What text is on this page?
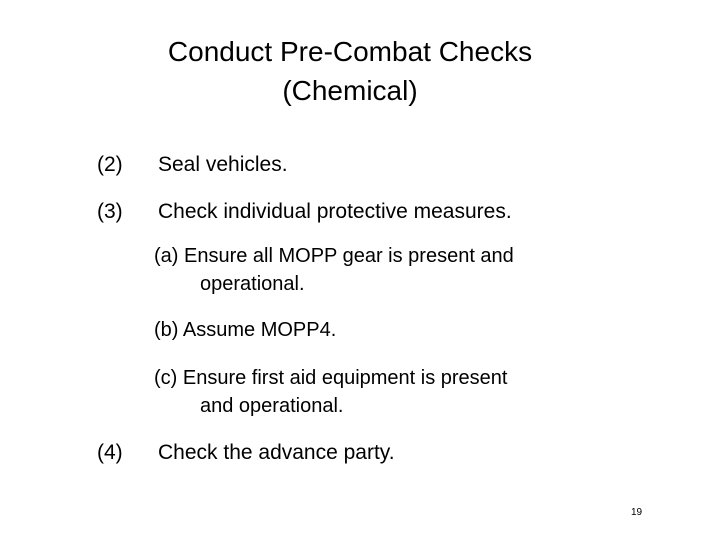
Conduct Pre-Combat Checks
(Chemical)
(2) Seal vehicles.
(3) Check individual protective measures.
(a) Ensure all MOPP gear is present and
operational.
(b) Assume MOPP4.
(c) Ensure first aid equipment is present
and operational.
(4) Check the advance party.
19
